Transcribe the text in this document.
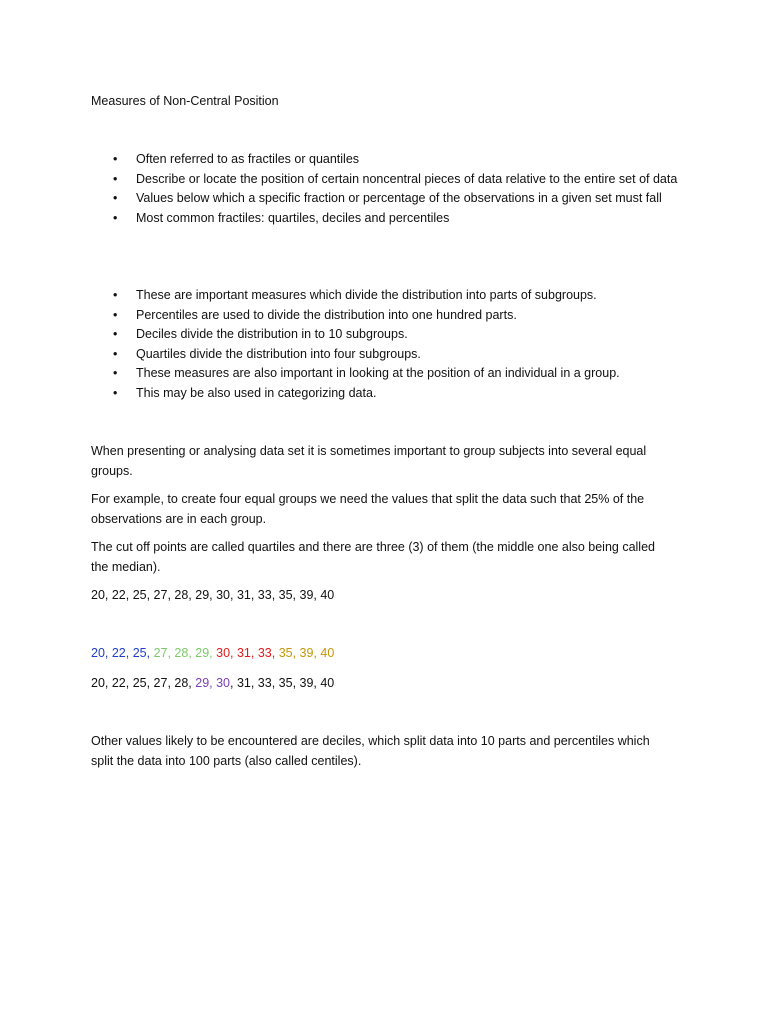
Measures of Non-Central Position
• Often referred to as fractiles or quantiles
• Describe or locate the position of certain noncentral pieces of data relative to the entire set of data
• Values below which a specific fraction or percentage of the observations in a given set must fall
• Most common fractiles: quartiles, deciles and percentiles
• These are important measures which divide the distribution into parts of subgroups.
• Percentiles are used to divide the distribution into one hundred parts.
• Deciles divide the distribution in to 10 subgroups.
• Quartiles divide the distribution into four subgroups.
• These measures are also important in looking at the position of an individual in a group.
• This may be also used in categorizing data.

When presenting or analysing data set it is sometimes important to group subjects into several equal groups.

For example, to create four equal groups we need the values that split the data such that 25% of the observations are in each group.

The cut off points are called quartiles and there are three (3) of them (the middle one also being called the median).

20, 22, 25, 27, 28, 29, 30, 31, 33, 35, 39, 40

20, 22, 25, 27, 28, 29, 30, 31, 33, 35, 39, 40

20, 22, 25, 27, 28, 29, 30, 31, 33, 35, 39, 40

Other values likely to be encountered are deciles, which split data into 10 parts and percentiles which split the data into 100 parts (also called centiles).
